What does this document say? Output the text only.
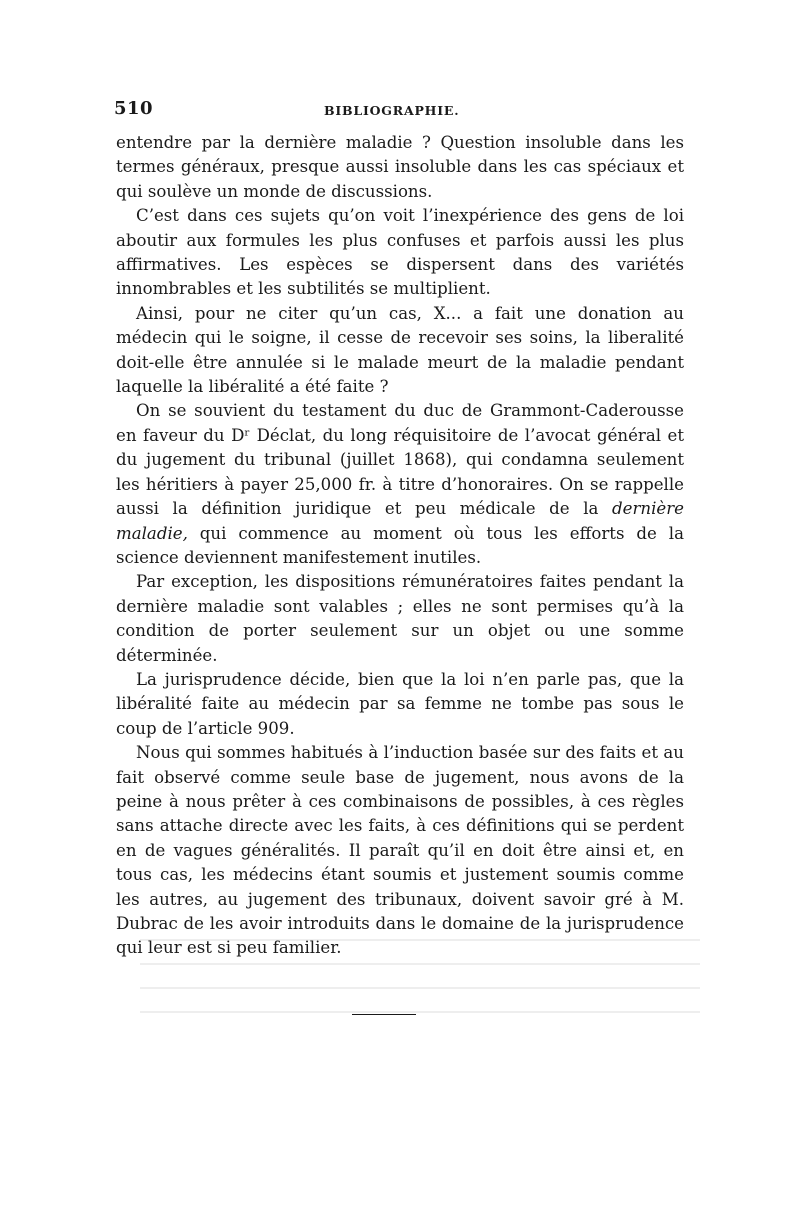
510	BIBLIOGRAPHIE.

entendre par la dernière maladie ? Question insoluble dans les termes généraux, presque aussi insoluble dans les cas spéciaux et qui soulève un monde de discussions.

C’est dans ces sujets qu’on voit l’inexpérience des gens de loi aboutir aux formules les plus confuses et parfois aussi les plus affirmatives. Les espèces se dispersent dans des variétés innombrables et les subtilités se multiplient.

Ainsi, pour ne citer qu’un cas, X... a fait une donation au médecin qui le soigne, il cesse de recevoir ses soins, la liberalité doit-elle être annulée si le malade meurt de la maladie pendant laquelle la libéralité a été faite ?

On se souvient du testament du duc de Grammont-Caderousse en faveur du Dʳ Déclat, du long réquisitoire de l’avocat général et du jugement du tribunal (juillet 1868), qui condamna seulement les héritiers à payer 25,000 fr. à titre d’honoraires. On se rappelle aussi la définition juridique et peu médicale de la dernière maladie, qui commence au moment où tous les efforts de la science deviennent manifestement inutiles.

Par exception, les dispositions rémunératoires faites pendant la dernière maladie sont valables ; elles ne sont permises qu’à la condition de porter seulement sur un objet ou une somme déterminée.

La jurisprudence décide, bien que la loi n’en parle pas, que la libéralité faite au médecin par sa femme ne tombe pas sous le coup de l’article 909.

Nous qui sommes habitués à l’induction basée sur des faits et au fait observé comme seule base de jugement, nous avons de la peine à nous prêter à ces combinaisons de possibles, à ces règles sans attache directe avec les faits, à ces définitions qui se perdent en de vagues généralités. Il paraît qu’il en doit être ainsi et, en tous cas, les médecins étant soumis et justement soumis comme les autres, au jugement des tribunaux, doivent savoir gré à M. Dubrac de les avoir introduits dans le domaine de la jurisprudence qui leur est si peu familier.
